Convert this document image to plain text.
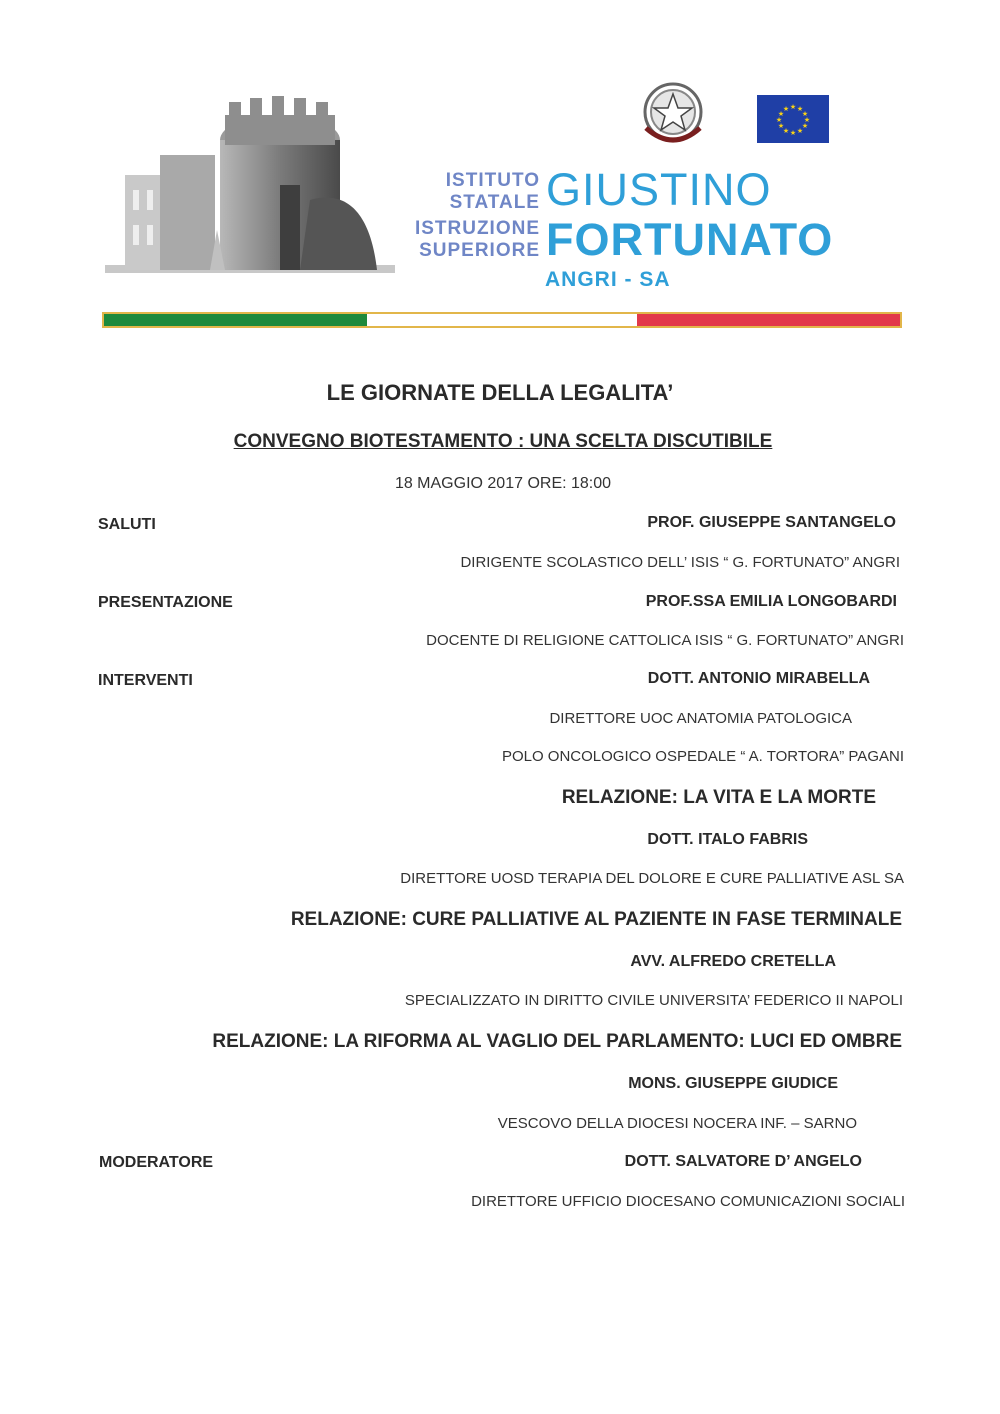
★ ★
★
★
★
★
★
★
★
★
★
★
ISTITUTO
STATALE
ISTRUZIONE
SUPERIORE
GIUSTINO
FORTUNATO
ANGRI - SA
LE GIORNATE DELLA LEGALITA’
CONVEGNO BIOTESTAMENTO : UNA SCELTA DISCUTIBILE
18 MAGGIO 2017 ORE: 18:00
SALUTI	PROF. GIUSEPPE SANTANGELO
DIRIGENTE SCOLASTICO DELL’ ISIS “ G. FORTUNATO” ANGRI
PRESENTAZIONE	PROF.SSA EMILIA LONGOBARDI
DOCENTE DI RELIGIONE CATTOLICA ISIS “ G. FORTUNATO” ANGRI
INTERVENTI	DOTT. ANTONIO MIRABELLA
DIRETTORE UOC ANATOMIA PATOLOGICA
POLO ONCOLOGICO OSPEDALE “ A. TORTORA” PAGANI
RELAZIONE: LA VITA E LA MORTE
DOTT. ITALO FABRIS
DIRETTORE UOSD TERAPIA DEL DOLORE E CURE PALLIATIVE ASL SA
RELAZIONE: CURE PALLIATIVE AL PAZIENTE IN FASE TERMINALE
AVV. ALFREDO CRETELLA
SPECIALIZZATO IN DIRITTO CIVILE UNIVERSITA’ FEDERICO II NAPOLI
RELAZIONE: LA RIFORMA AL VAGLIO DEL PARLAMENTO: LUCI ED OMBRE
MONS. GIUSEPPE GIUDICE
VESCOVO DELLA DIOCESI NOCERA INF. – SARNO
MODERATORE	DOTT. SALVATORE D’ ANGELO
DIRETTORE UFFICIO DIOCESANO COMUNICAZIONI SOCIALI
